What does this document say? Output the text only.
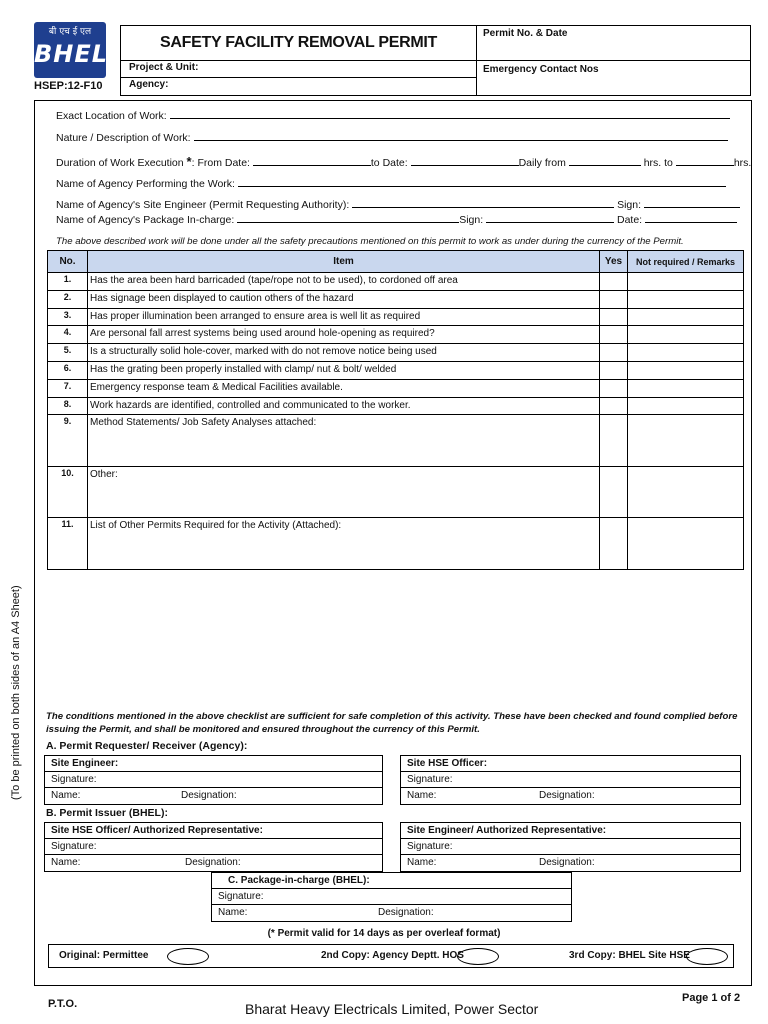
बी एच ई एल
BHEL
HSEP:12-F10
SAFETY FACILITY REMOVAL PERMIT
Permit No. & Date
Project & Unit:
Agency:
Emergency Contact Nos
Exact Location of Work:
Nature / Description of Work:
Duration of Work Execution *: From Date:	to Date:	Daily from	hrs. to	hrs.
Name of Agency Performing the Work:
Name of Agency's Site Engineer (Permit Requesting Authority):	Sign:
Name of Agency's Package In-charge:	Sign:	Date:
The above described work will be done under all the safety precautions mentioned on this permit to work as under during the currency of the Permit.
No.	Item	Yes	Not required / Remarks
1.	Has the area been hard barricaded (tape/rope not to be used), to cordoned off area		
2.	Has signage been displayed to caution others of the hazard		
3.	Has proper illumination been arranged to ensure area is well lit as required		
4.	Are personal fall arrest systems being used around hole-opening as required?		
5.	Is a structurally solid hole-cover, marked with do not remove notice being used		
6.	Has the grating been properly installed with clamp/ nut & bolt/ welded		
7.	Emergency response team & Medical Facilities available.		
8.	Work hazards are identified, controlled and communicated to the worker.		
9.	Method Statements/ Job Safety Analyses attached:		
10.	Other:		
11.	List of Other Permits Required for the Activity (Attached):		
(To be printed on both sides of an A4 Sheet)	The conditions mentioned in the above checklist are sufficient for safe completion of this activity. These have been checked and found complied before issuing the Permit, and shall be monitored and ensured throughout the currency of this Permit.
A. Permit Requester/ Receiver (Agency):
Site Engineer:
Signature:
Name:	Designation:
Site HSE Officer:
Signature:
Name:	Designation:
B. Permit Issuer (BHEL):
Site HSE Officer/ Authorized Representative:
Signature:
Name:	Designation:
Site Engineer/ Authorized Representative:
Signature:
Name:	Designation:
C. Package-in-charge (BHEL):
Signature:
Name:	Designation:
(* Permit valid for 14 days as per overleaf format)
Original: Permittee	2nd Copy: Agency Deptt. HOS	3rd Copy: BHEL Site HSE
P.T.O.	Bharat Heavy Electricals Limited, Power Sector
Page 1 of 2
